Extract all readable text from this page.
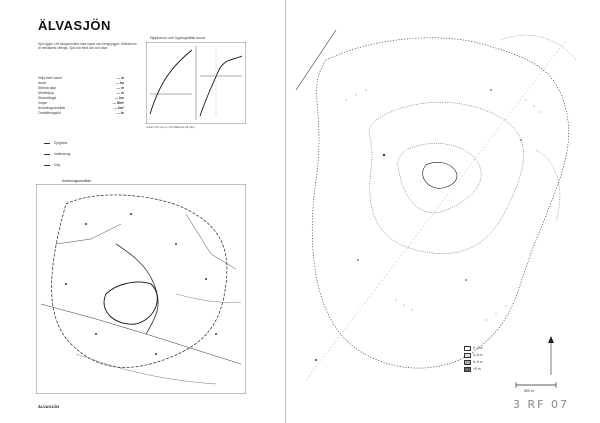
ÄLVASJÖN
Sjön ligger i ett skogsområde med myrar och bergsryggar. Stränderna är mestadels steniga. Sjön har flera öar och vikar.
Höjd över havet	— m
Areal	— ha
Största djup	— m
Medeldjup	— m
Strandlängd	— km
Volym	— Mm³
Avrinningsområde	— km²
Omsättningstid	— år
Sjögräns
Vattendrag
Väg
Djupkurvor och hypsografisk kurva
Areal och volym i förhållande till djup
Avrinningsområde
ÄLVASJÖN
0–3 m
3–6 m
6–9 m
>9 m
500 m
3 RF 07
